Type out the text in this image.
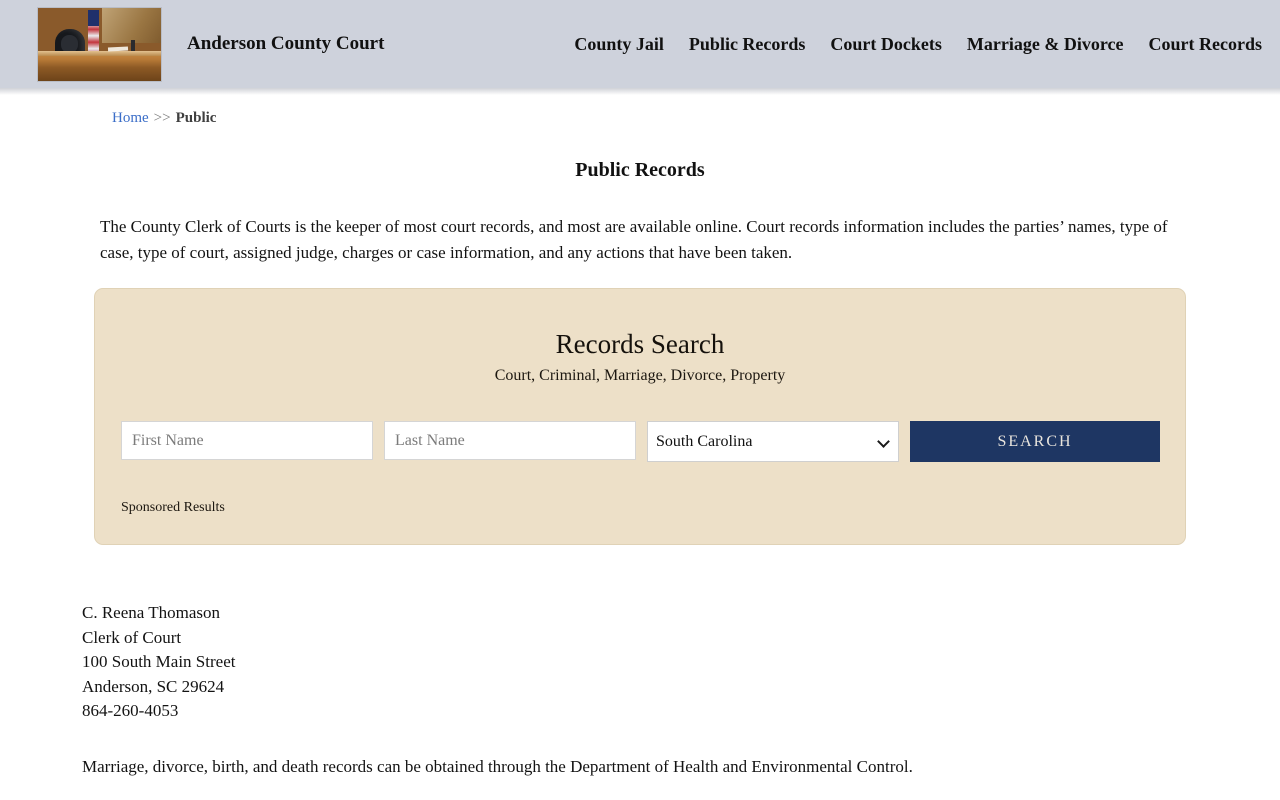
Anderson County Court	County Jail Public Records Court Dockets Marriage & Divorce Court Records
Home >> Public
Public Records

The County Clerk of Courts is the keeper of most court records, and most are available online. Court records information includes the parties’ names, type of case, type of court, assigned judge, charges or case information, and any actions that have been taken.

Records Search
Court, Criminal, Marriage, Divorce, Property
First Name
Last Name
South Carolina
SEARCH
Sponsored Results
C. Reena Thomason
Clerk of Court
100 South Main Street
Anderson, SC 29624
864-260-4053

Marriage, divorce, birth, and death records can be obtained through the Department of Health and Environmental Control.
